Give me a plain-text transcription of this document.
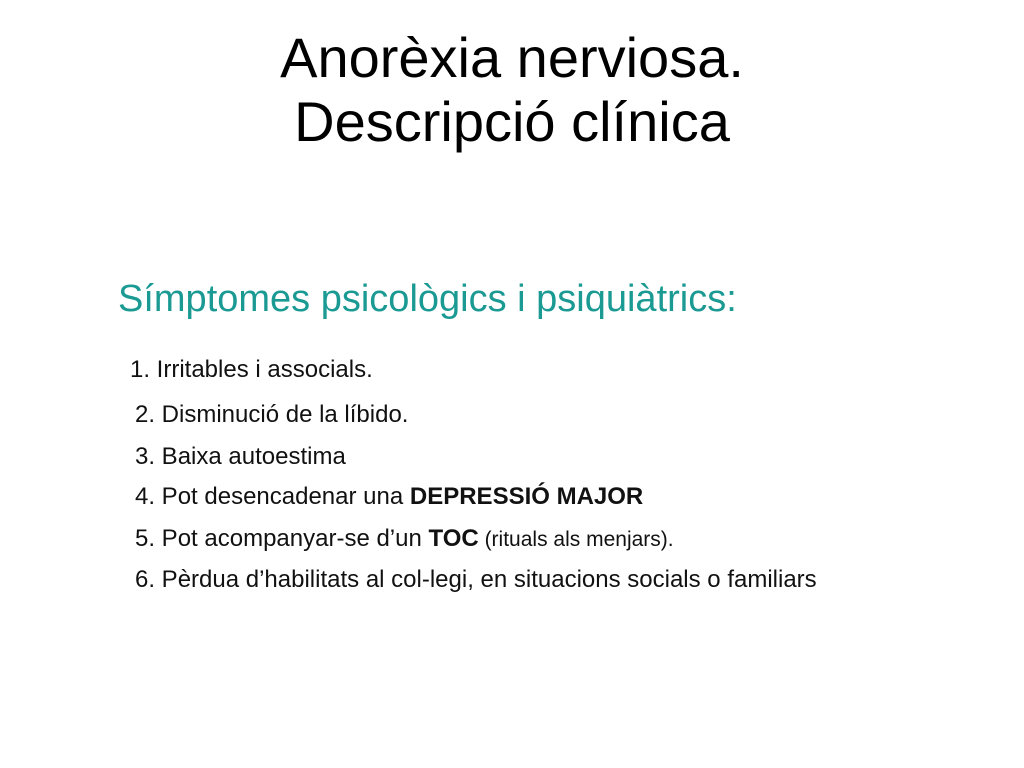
Anorèxia nerviosa.
Descripció clínica
Símptomes psicològics i psiquiàtrics:
1. Irritables i associals.
2. Disminució de la líbido.
3. Baixa autoestima
4. Pot desencadenar una DEPRESSIÓ MAJOR
5. Pot acompanyar-se d’un TOC (rituals als menjars).
6. Pèrdua d’habilitats al col-legi, en situacions socials o familiars
